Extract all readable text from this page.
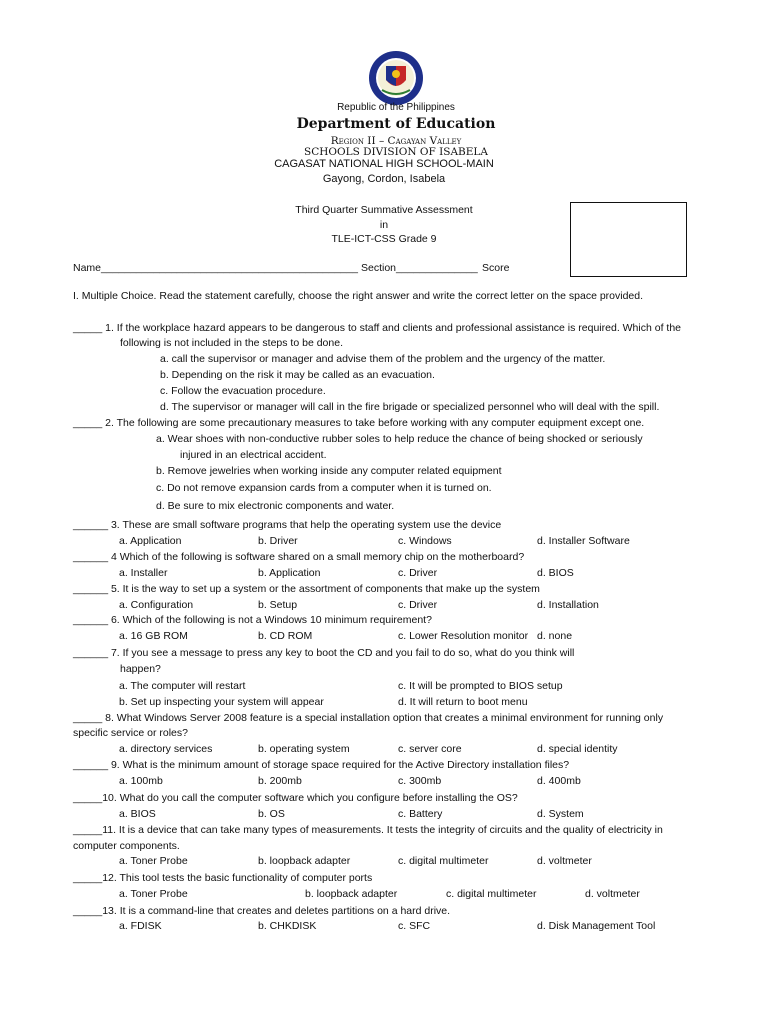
Republic of the Philippines
Department of Education
Region II – Cagayan Valley
SCHOOLS DIVISION OF ISABELA
CAGASAT NATIONAL HIGH SCHOOL-MAIN
Gayong, Cordon, Isabela
Third Quarter Summative Assessment
in
TLE-ICT-CSS Grade 9
Name____________________________________________ Section______________ Score
I. Multiple Choice. Read the statement carefully, choose the right answer and write the correct letter on the space provided.
_____ 1. If the workplace hazard appears to be dangerous to staff and clients and professional assistance is required. Which of the
following is not included in the steps to be done.
a. call the supervisor or manager and advise them of the problem and the urgency of the matter.
b. Depending on the risk it may be called as an evacuation.
c. Follow the evacuation procedure.
d. The supervisor or manager will call in the fire brigade or specialized personnel who will deal with the spill.
_____ 2. The following are some precautionary measures to take before working with any computer equipment except one.
a. Wear shoes with non-conductive rubber soles to help reduce the chance of being shocked or seriously
injured in an electrical accident.
b. Remove jewelries when working inside any computer related equipment
c. Do not remove expansion cards from a computer when it is turned on.
d. Be sure to mix electronic components and water.
______ 3. These are small software programs that help the operating system use the device
a. Application	b. Driver	c. Windows	d. Installer Software
______ 4 Which of the following is software shared on a small memory chip on the motherboard?
a. Installer	b. Application	c. Driver	d. BIOS
______ 5. It is the way to set up a system or the assortment of components that make up the system
a. Configuration	b. Setup	c. Driver	d. Installation
______ 6. Which of the following is not a Windows 10 minimum requirement?
a. 16 GB ROM	b. CD ROM	c. Lower Resolution monitor d. none
______ 7. If you see a message to press any key to boot the CD and you fail to do so, what do you think will
happen?
a. The computer will restart
b. Set up inspecting your system will appear
c. It will be prompted to BIOS setup
d. It will return to boot menu
_____ 8. What Windows Server 2008 feature is a special installation option that creates a minimal environment for running only
specific service or roles?
a. directory services	b. operating system	c. server core	d. special identity
______ 9. What is the minimum amount of storage space required for the Active Directory installation files?
a. 100mb	b. 200mb	c. 300mb	d. 400mb
_____10. What do you call the computer software which you configure before installing the OS?
a. BIOS	b. OS	c. Battery	d. System
_____11. It is a device that can take many types of measurements. It tests the integrity of circuits and the quality of electricity in
computer components.
a. Toner Probe	b. loopback adapter	c. digital multimeter	d. voltmeter
_____12. This tool tests the basic functionality of computer ports
a. Toner Probe	b. loopback adapter	c. digital multimeter	d. voltmeter
_____13. It is a command-line that creates and deletes partitions on a hard drive.
a. FDISK	b. CHKDISK	c. SFC	d. Disk Management Tool
